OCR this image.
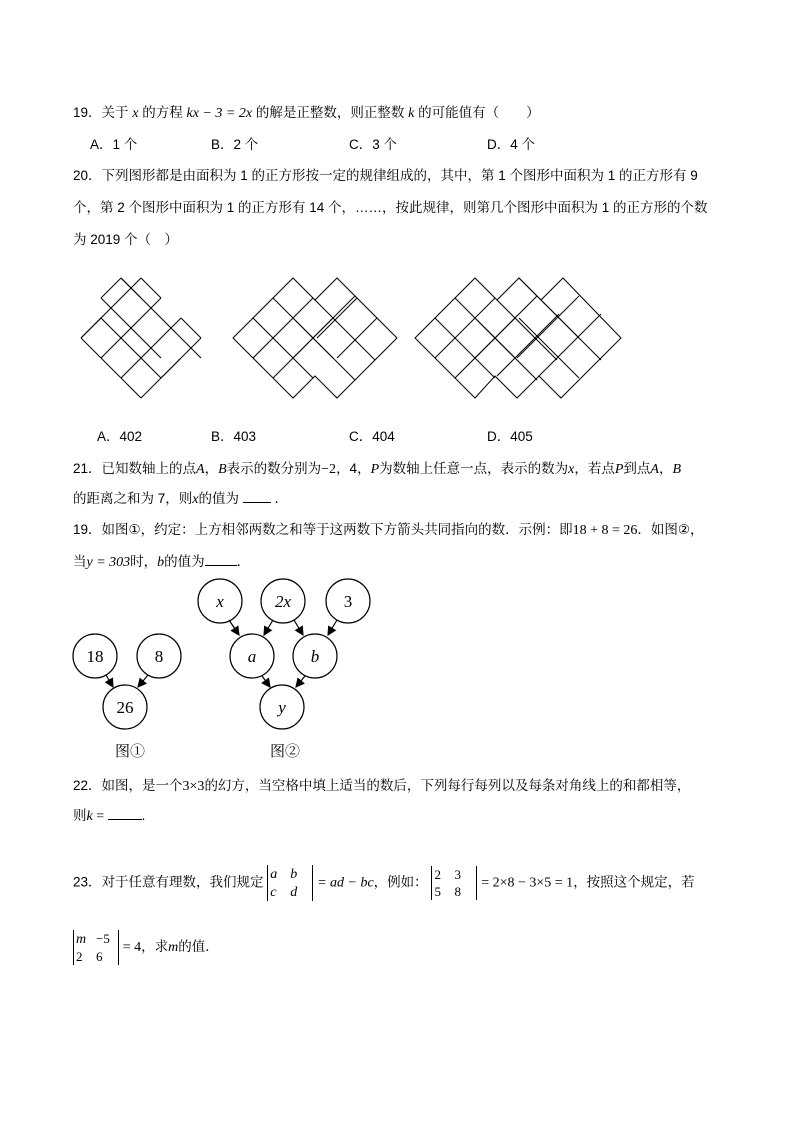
19．关于 x 的方程 kx − 3 = 2x 的解是正整数，则正整数 k 的可能值有（　　）
A．1 个	B．2 个	C．3 个	D．4 个
20．下列图形都是由面积为 1 的正方形按一定的规律组成的，其中，第 1 个图形中面积为 1 的正方形有 9
个，第 2 个图形中面积为 1 的正方形有 14 个，……，按此规律，则第几个图形中面积为 1 的正方形的个数
为 2019 个（　）
A．402	B．403	C．404	D．405
21．已知数轴上的点A，B表示的数分别为−2，4，P为数轴上任意一点，表示的数为x，若点P到点A，B
的距离之和为 7，则x的值为	．
19．如图①，约定：上方相邻两数之和等于这两数下方箭头共同指向的数．示例：即18 + 8 = 26．如图②，
当y = 303时，b的值为 ．
18	8
26
x	2x	3
a	b
y
图①	图②
22．如图，是一个3×3的幻方，当空格中填上适当的数后，下列每行每列以及每条对角线上的和都相等，
则k =	.
23．对于任意有理数，我们规定
a b
c d
= ad − bc，例如：
2 3
5 8
= 2×8 − 3×5 = 1，按照这个规定，若
m −5
2 6
= 4，求m的值．
